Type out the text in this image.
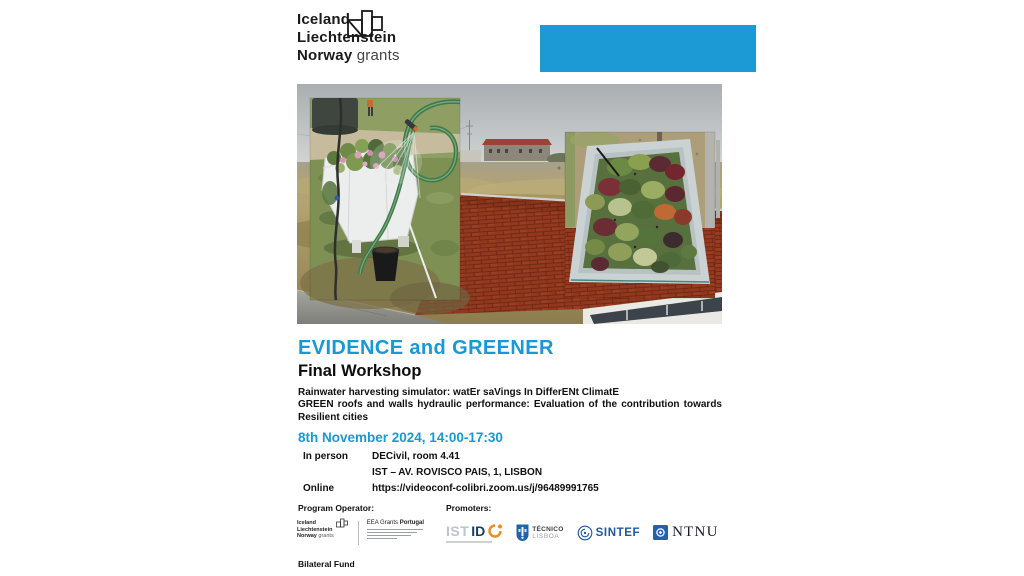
Iceland
Liechtenstein
Norway grants
EVIDENCE and GREENER
Final Workshop
Rainwater harvesting simulator: watEr saVings In DifferENt ClimatE
GREEN roofs and walls hydraulic performance: Evaluation of the contribution towards Resilient cities
8th November 2024, 14:00-17:30
In person	DECivil, room 4.41
IST – AV. ROVISCO PAIS, 1, LISBON
Online	https://videoconf-colibri.zoom.us/j/96489991765
Program Operator:	Promoters:
Iceland
Liechtenstein
Norway grants
EEA Grants Portugal IST ID	TÉCNICO
LISBOA	SINTEF NTNU
Bilateral Fund
